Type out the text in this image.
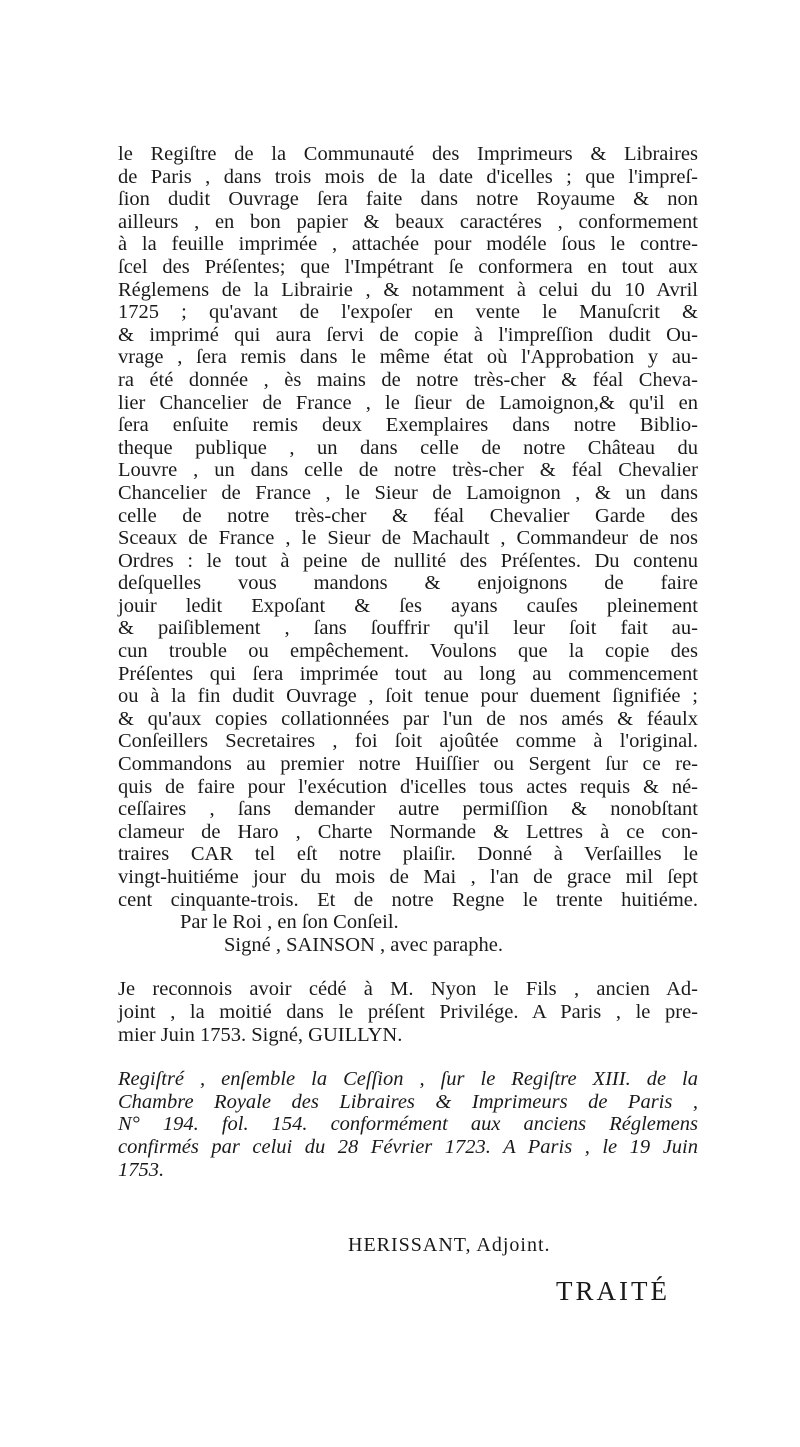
le Regiſtre de la Communauté des Imprimeurs & Libraires
de Paris , dans trois mois de la date d'icelles ; que l'impreſ-
ſion dudit Ouvrage ſera faite dans notre Royaume & non
ailleurs , en bon papier & beaux caractéres , conformement
à la feuille imprimée , attachée pour modéle ſous le contre-
ſcel des Préſentes; que l'Impétrant ſe conformera en tout aux
Réglemens de la Librairie , & notamment à celui du 10 Avril
1725 ; qu'avant de l'expoſer en vente le Manuſcrit &
& imprimé qui aura ſervi de copie à l'impreſſion dudit Ou-
vrage , ſera remis dans le même état où l'Approbation y au-
ra été donnée , ès mains de notre très-cher & féal Cheva-
lier Chancelier de France , le ſieur de Lamoignon,& qu'il en
ſera enſuite remis deux Exemplaires dans notre Biblio-
theque publique , un dans celle de notre Château du
Louvre , un dans celle de notre très-cher & féal Chevalier
Chancelier de France , le Sieur de Lamoignon , & un dans
celle de notre très-cher & féal Chevalier Garde des
Sceaux de France , le Sieur de Machault , Commandeur de nos
Ordres : le tout à peine de nullité des Préſentes. Du contenu
deſquelles vous mandons & enjoignons de faire
jouir ledit Expoſant & ſes ayans cauſes pleinement
& paiſiblement , ſans ſouffrir qu'il leur ſoit fait au-
cun trouble ou empêchement. Voulons que la copie des
Préſentes qui ſera imprimée tout au long au commencement
ou à la fin dudit Ouvrage , ſoit tenue pour duement ſignifiée ;
& qu'aux copies collationnées par l'un de nos amés & féaulx
Conſeillers Secretaires , foi ſoit ajoûtée comme à l'original.
Commandons au premier notre Huiſſier ou Sergent ſur ce re-
quis de faire pour l'exécution d'icelles tous actes requis & né-
ceſſaires , ſans demander autre permiſſion & nonobſtant
clameur de Haro , Charte Normande & Lettres à ce con-
traires CAR tel eſt notre plaiſir. Donné à Verſailles le
vingt-huitiéme jour du mois de Mai , l'an de grace mil ſept
cent cinquante-trois. Et de notre Regne le trente huitiéme.
Par le Roi , en ſon Conſeil.
Signé , SAINSON , avec paraphe.
Je reconnois avoir cédé à M. Nyon le Fils , ancien Ad-
joint , la moitié dans le préſent Privilége. A Paris , le pre-
mier Juin 1753. Signé, GUILLYN.
Regiſtré , enſemble la Ceſſion , ſur le Regiſtre XIII. de la
Chambre Royale des Libraires & Imprimeurs de Paris ,
N° 194. fol. 154. conformément aux anciens Réglemens
confirmés par celui du 28 Février 1723. A Paris , le 19 Juin
1753.
HERISSANT, Adjoint.
TRAITÉ
